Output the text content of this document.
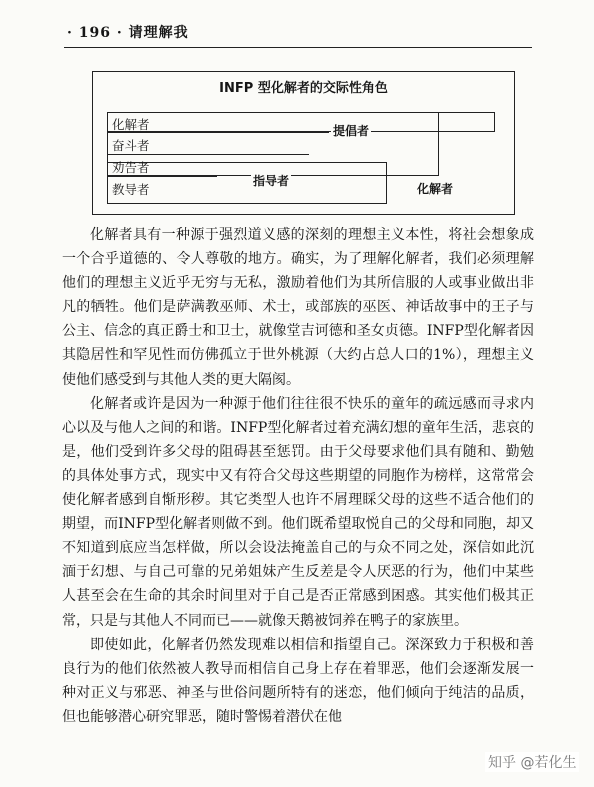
· 196 · 请理解我
INFP 型化解者的交际性角色
化解者
奋斗者
劝告者
教导者
提倡者
指导者
化解者

化解者具有一种源于强烈道义感的深刻的理想主义本性，将社会想象成一个合乎道德的、令人尊敬的地方。确实，为了理解化解者，我们必须理解他们的理想主义近乎无穷与无私，激励着他们为其所信服的人或事业做出非凡的牺牲。他们是萨满教巫师、术士，或部族的巫医、神话故事中的王子与公主、信念的真正爵士和卫士，就像堂吉诃德和圣女贞德。INFP型化解者因其隐居性和罕见性而仿佛孤立于世外桃源（大约占总人口的1%），理想主义使他们感受到与其他人类的更大隔阂。

化解者或许是因为一种源于他们往往很不快乐的童年的疏远感而寻求内心以及与他人之间的和谐。INFP型化解者过着充满幻想的童年生活，悲哀的是，他们受到许多父母的阻碍甚至惩罚。由于父母要求他们具有随和、勤勉的具体处事方式，现实中又有符合父母这些期望的同胞作为榜样，这常常会使化解者感到自惭形秽。其它类型人也许不屑理睬父母的这些不适合他们的期望，而INFP型化解者则做不到。他们既希望取悦自己的父母和同胞，却又不知道到底应当怎样做，所以会设法掩盖自己的与众不同之处，深信如此沉湎于幻想、与自己可靠的兄弟姐妹产生反差是令人厌恶的行为，他们中某些人甚至会在生命的其余时间里对于自己是否正常感到困惑。其实他们极其正常，只是与其他人不同而已——就像天鹅被饲养在鸭子的家族里。

即使如此，化解者仍然发现难以相信和指望自己。深深致力于积极和善良行为的他们依然被人教导而相信自己身上存在着罪恶，他们会逐渐发展一种对正义与邪恶、神圣与世俗问题所特有的迷恋，他们倾向于纯洁的品质，但也能够潜心研究罪恶，随时警惕着潜伏在他

知乎 @若化生
